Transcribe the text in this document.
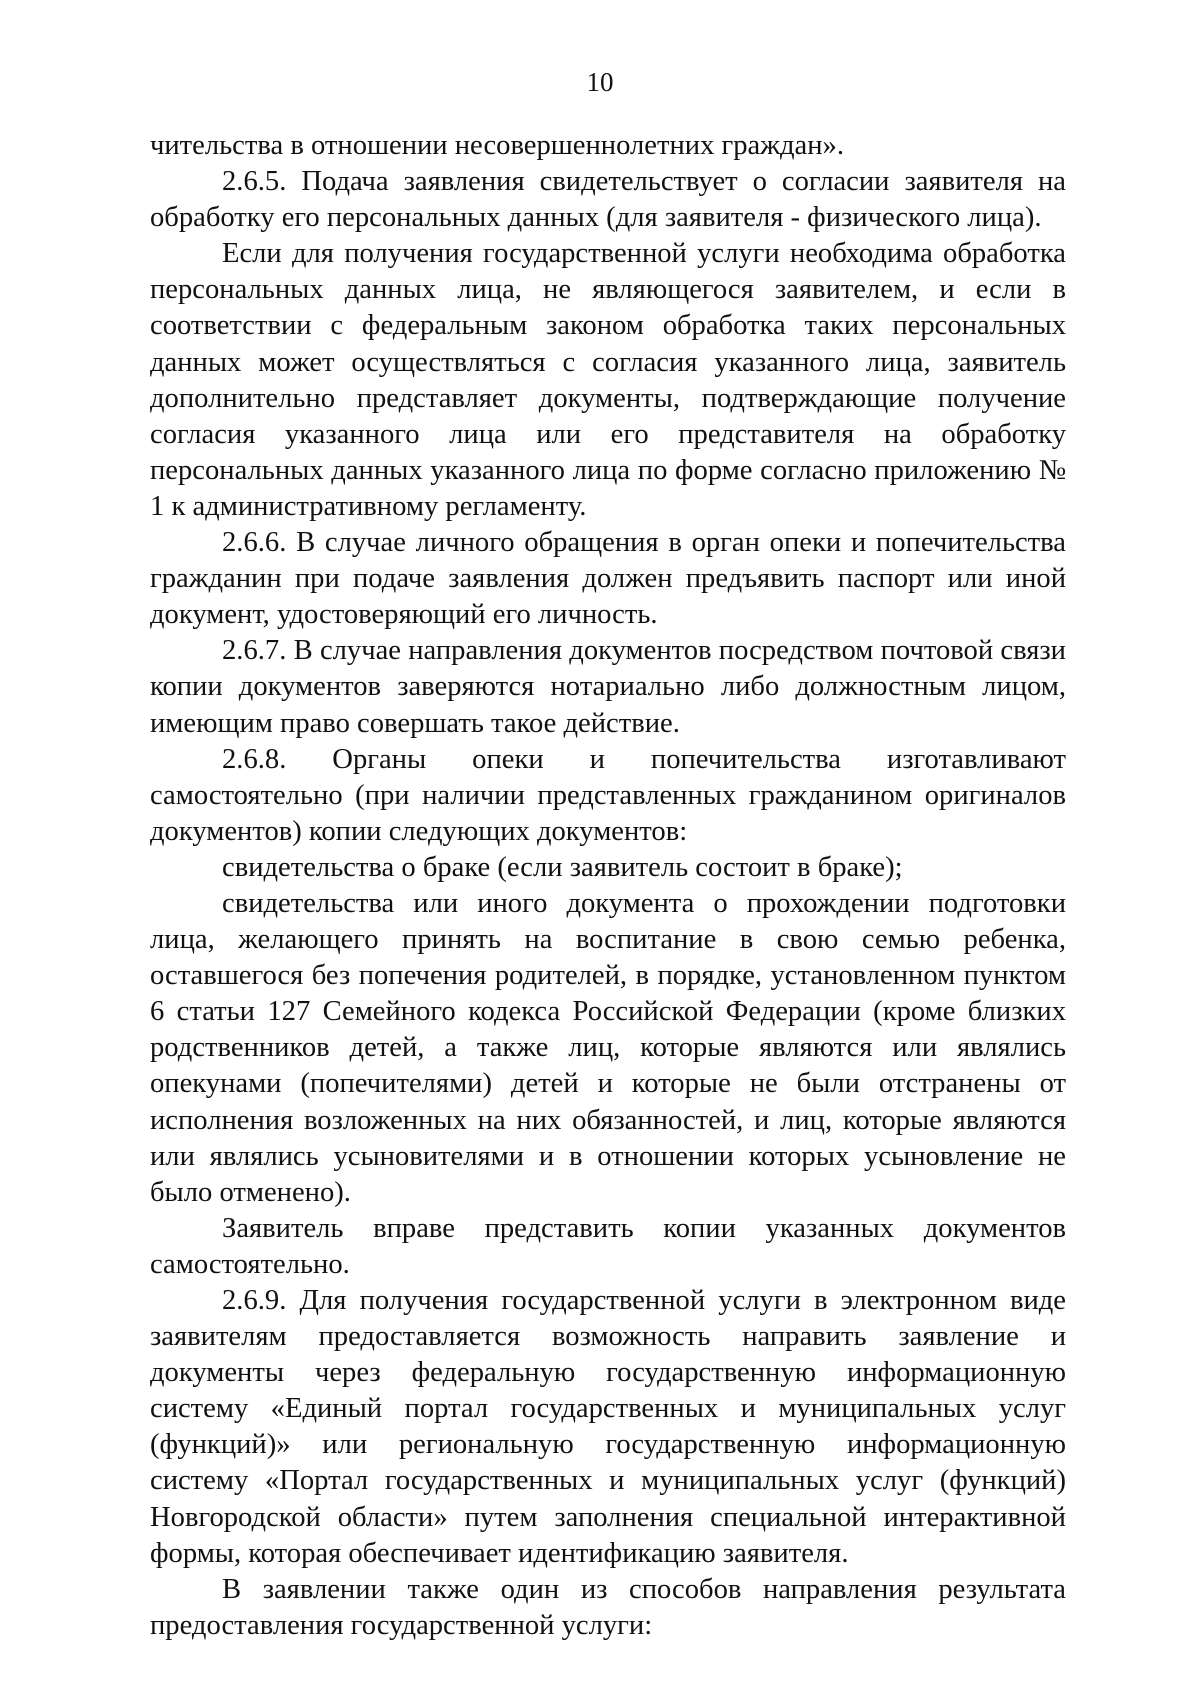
10

чительства в отношении несовершеннолетних граждан».

2.6.5. Подача заявления свидетельствует о согласии заявителя на обработку его персональных данных (для заявителя - физического лица).

Если для получения государственной услуги необходима обработка персональных данных лица, не являющегося заявителем, и если в соответствии с федеральным законом обработка таких персональных данных может осуществляться с согласия указанного лица, заявитель дополнительно представляет документы, подтверждающие получение согласия указанного лица или его представителя на обработку персональных данных указанного лица по форме согласно приложению № 1 к административному регламенту.

2.6.6. В случае личного обращения в орган опеки и попечительства гражданин при подаче заявления должен предъявить паспорт или иной документ, удостоверяющий его личность.

2.6.7. В случае направления документов посредством почтовой связи копии документов заверяются нотариально либо должностным лицом, имеющим право совершать такое действие.

2.6.8. Органы опеки и попечительства изготавливают самостоятельно (при наличии представленных гражданином оригиналов документов) копии следующих документов:

свидетельства о браке (если заявитель состоит в браке);

свидетельства или иного документа о прохождении подготовки лица, желающего принять на воспитание в свою семью ребенка, оставшегося без попечения родителей, в порядке, установленном пунктом 6 статьи 127 Семейного кодекса Российской Федерации (кроме близких родственников детей, а также лиц, которые являются или являлись опекунами (попечителями) детей и которые не были отстранены от исполнения возложенных на них обязанностей, и лиц, которые являются или являлись усыновителями и в отношении которых усыновление не было отменено).

Заявитель вправе представить копии указанных документов самостоятельно.

2.6.9. Для получения государственной услуги в электронном виде заявителям предоставляется возможность направить заявление и документы через федеральную государственную информационную систему «Единый портал государственных и муниципальных услуг (функций)» или региональную государственную информационную систему «Портал государственных и муниципальных услуг (функций) Новгородской области» путем заполнения специальной интерактивной формы, которая обеспечивает идентификацию заявителя.

В заявлении также один из способов направления результата предоставления государственной услуги:
